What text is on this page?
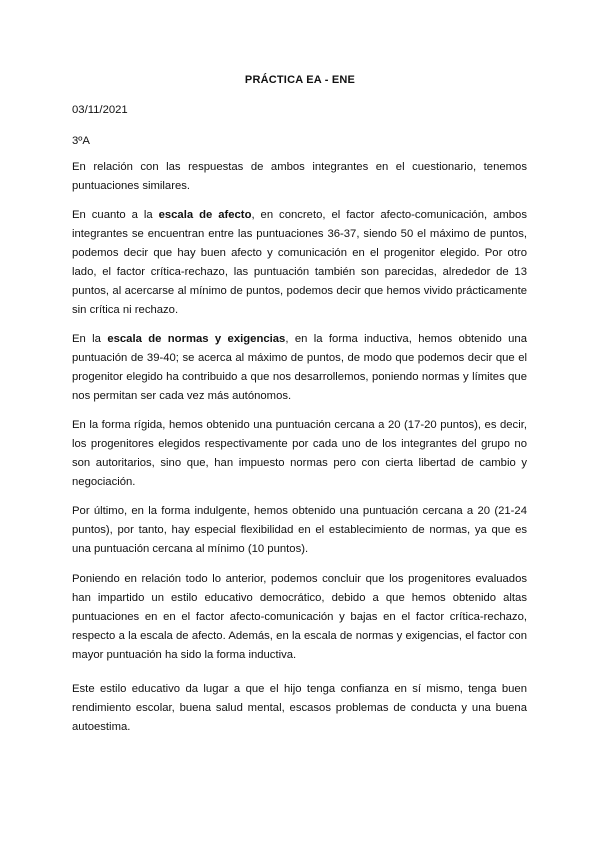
PRÁCTICA EA - ENE
03/11/2021
3ºA
En relación con las respuestas de ambos integrantes en el cuestionario, tenemos puntuaciones similares.
En cuanto a la escala de afecto, en concreto, el factor afecto-comunicación, ambos integrantes se encuentran entre las puntuaciones 36-37, siendo 50 el máximo de puntos, podemos decir que hay buen afecto y comunicación en el progenitor elegido. Por otro lado, el factor crítica-rechazo, las puntuación también son parecidas, alrededor de 13 puntos, al acercarse al mínimo de puntos, podemos decir que hemos vivido prácticamente sin crítica ni rechazo.
En la escala de normas y exigencias, en la forma inductiva, hemos obtenido una puntuación de 39-40; se acerca al máximo de puntos, de modo que podemos decir que el progenitor elegido ha contribuido a que nos desarrollemos, poniendo normas y límites que nos permitan ser cada vez más autónomos.
En la forma rígida, hemos obtenido una puntuación cercana a 20 (17-20 puntos), es decir, los progenitores elegidos respectivamente por cada uno de los integrantes del grupo no son autoritarios, sino que, han impuesto normas pero con cierta libertad de cambio y negociación.
Por último, en la forma indulgente, hemos obtenido una puntuación cercana a 20 (21-24 puntos), por tanto, hay especial flexibilidad en el establecimiento de normas, ya que es una puntuación cercana al mínimo (10 puntos).
Poniendo en relación todo lo anterior, podemos concluir que los progenitores evaluados han impartido un estilo educativo democrático, debido a que hemos obtenido altas puntuaciones en en el factor afecto-comunicación y bajas en el factor crítica-rechazo, respecto a la escala de afecto. Además, en la escala de normas y exigencias, el factor con mayor puntuación ha sido la forma inductiva.
Este estilo educativo da lugar a que el hijo tenga confianza en sí mismo, tenga buen rendimiento escolar, buena salud mental, escasos problemas de conducta y una buena autoestima.
